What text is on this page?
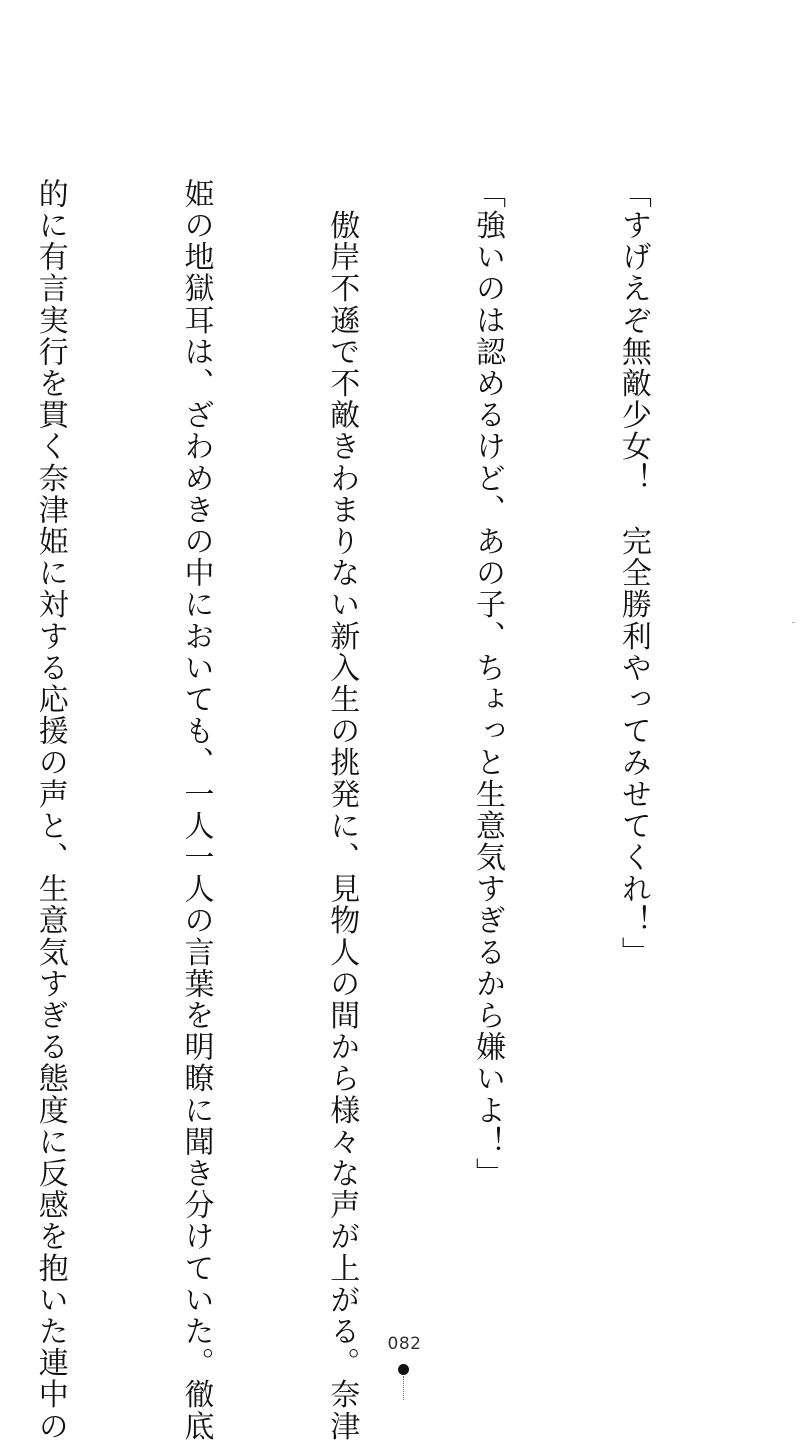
「すげえぞ無敵少女！　完全勝利やってみせてくれ！」

「強いのは認めるけど、あの子、ちょっと生意気すぎるから嫌いよ！」

　傲岸不遜で不敵きわまりない新入生の挑発に、見物人の間から様々な声が上がる。奈津

姫の地獄耳は、ざわめきの中においても、一人一人の言葉を明瞭に聞き分けていた。徹底

的に有言実行を貫く奈津姫に対する応援の声と、生意気すぎる態度に反感を抱いた連中の

	082
